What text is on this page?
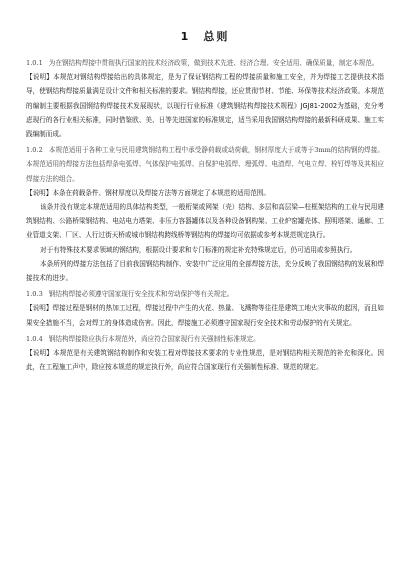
1　总则

1.0.1 为在钢结构焊接中贯彻执行国家的技术经济政策，做到技术先进、经济合理、安全适用、确保质量，制定本规范。

【说明】本规范对钢结构焊接给出的具体规定，是为了保证钢结构工程的焊接质量和施工安全，并为焊接工艺提供技术指导，使钢结构焊接质量满足设计文件和相关标准的要求。钢结构焊接，还应贯彻节材、节能、环保等技术经济政策。本规范的编制主要根据我国钢结构焊接技术发展现状，以现行行业标准《建筑钢结构焊接技术规程》JGJ81-2002为基础，充分考虑现行的各行业相关标准，同时借鉴欧、美、日等先进国家的标准规定，适当采用我国钢结构焊接的最新科研成果、施工实践编制而成。

1.0.2 本规范适用于各种工业与民用建筑钢结构工程中承受静荷载或动荷载，钢材厚度大于或等于3mm的结构钢的焊接。本规范适用的焊接方法包括焊条电弧焊、气体保护电弧焊、自保护电弧焊、埋弧焊、电渣焊、气电立焊、栓钉焊等及其相应焊接方法的组合。

【说明】本条在荷载条件、钢材厚度以及焊接方法等方面规定了本规范的适用范围。

该条并没有规定本规范适用的具体结构类型，一般桁架或网架（壳）结构、多层和高层梁—柱框架结构的工业与民用建筑钢结构、公路桥梁钢结构、电站电力塔架、非压力容器罐体以及各种设备钢构架、工业炉窑罐壳体、照明塔架、通廊、工业管道支架、厂区、人行过街天桥或城市钢结构跨线桥等钢结构的焊接均可依据或参考本规范规定执行。

对于有特殊技术要求领域的钢结构，根据设计要求和专门标准的规定补充特殊规定后，仍可适用或参照执行。

本条所列的焊接方法包括了目前我国钢结构制作、安装中广泛应用的全部焊接方法，充分反映了我国钢结构的发展和焊接技术的进步。

1.0.3 钢结构焊接必须遵守国家现行安全技术和劳动保护等有关规定。

【说明】焊接过程是钢材的热加工过程，焊接过程中产生的火花、热量、飞溅物等往往是建筑工地火灾事故的起因，而且如果安全措施不当，会对焊工的身体造成伤害。因此，焊接施工必须遵守国家现行安全技术和劳动保护的有关规定。

1.0.4 钢结构焊接除应执行本规范外，尚应符合国家现行有关强制性标准规定。

【说明】本规范是有关建筑钢结构制作和安装工程对焊接技术要求的专业性规范，是对钢结构相关规范的补充和深化。因此，在工程施工声中，除应按本规范的规定执行外，尚应符合国家现行有关强制性标准、规范的规定。
